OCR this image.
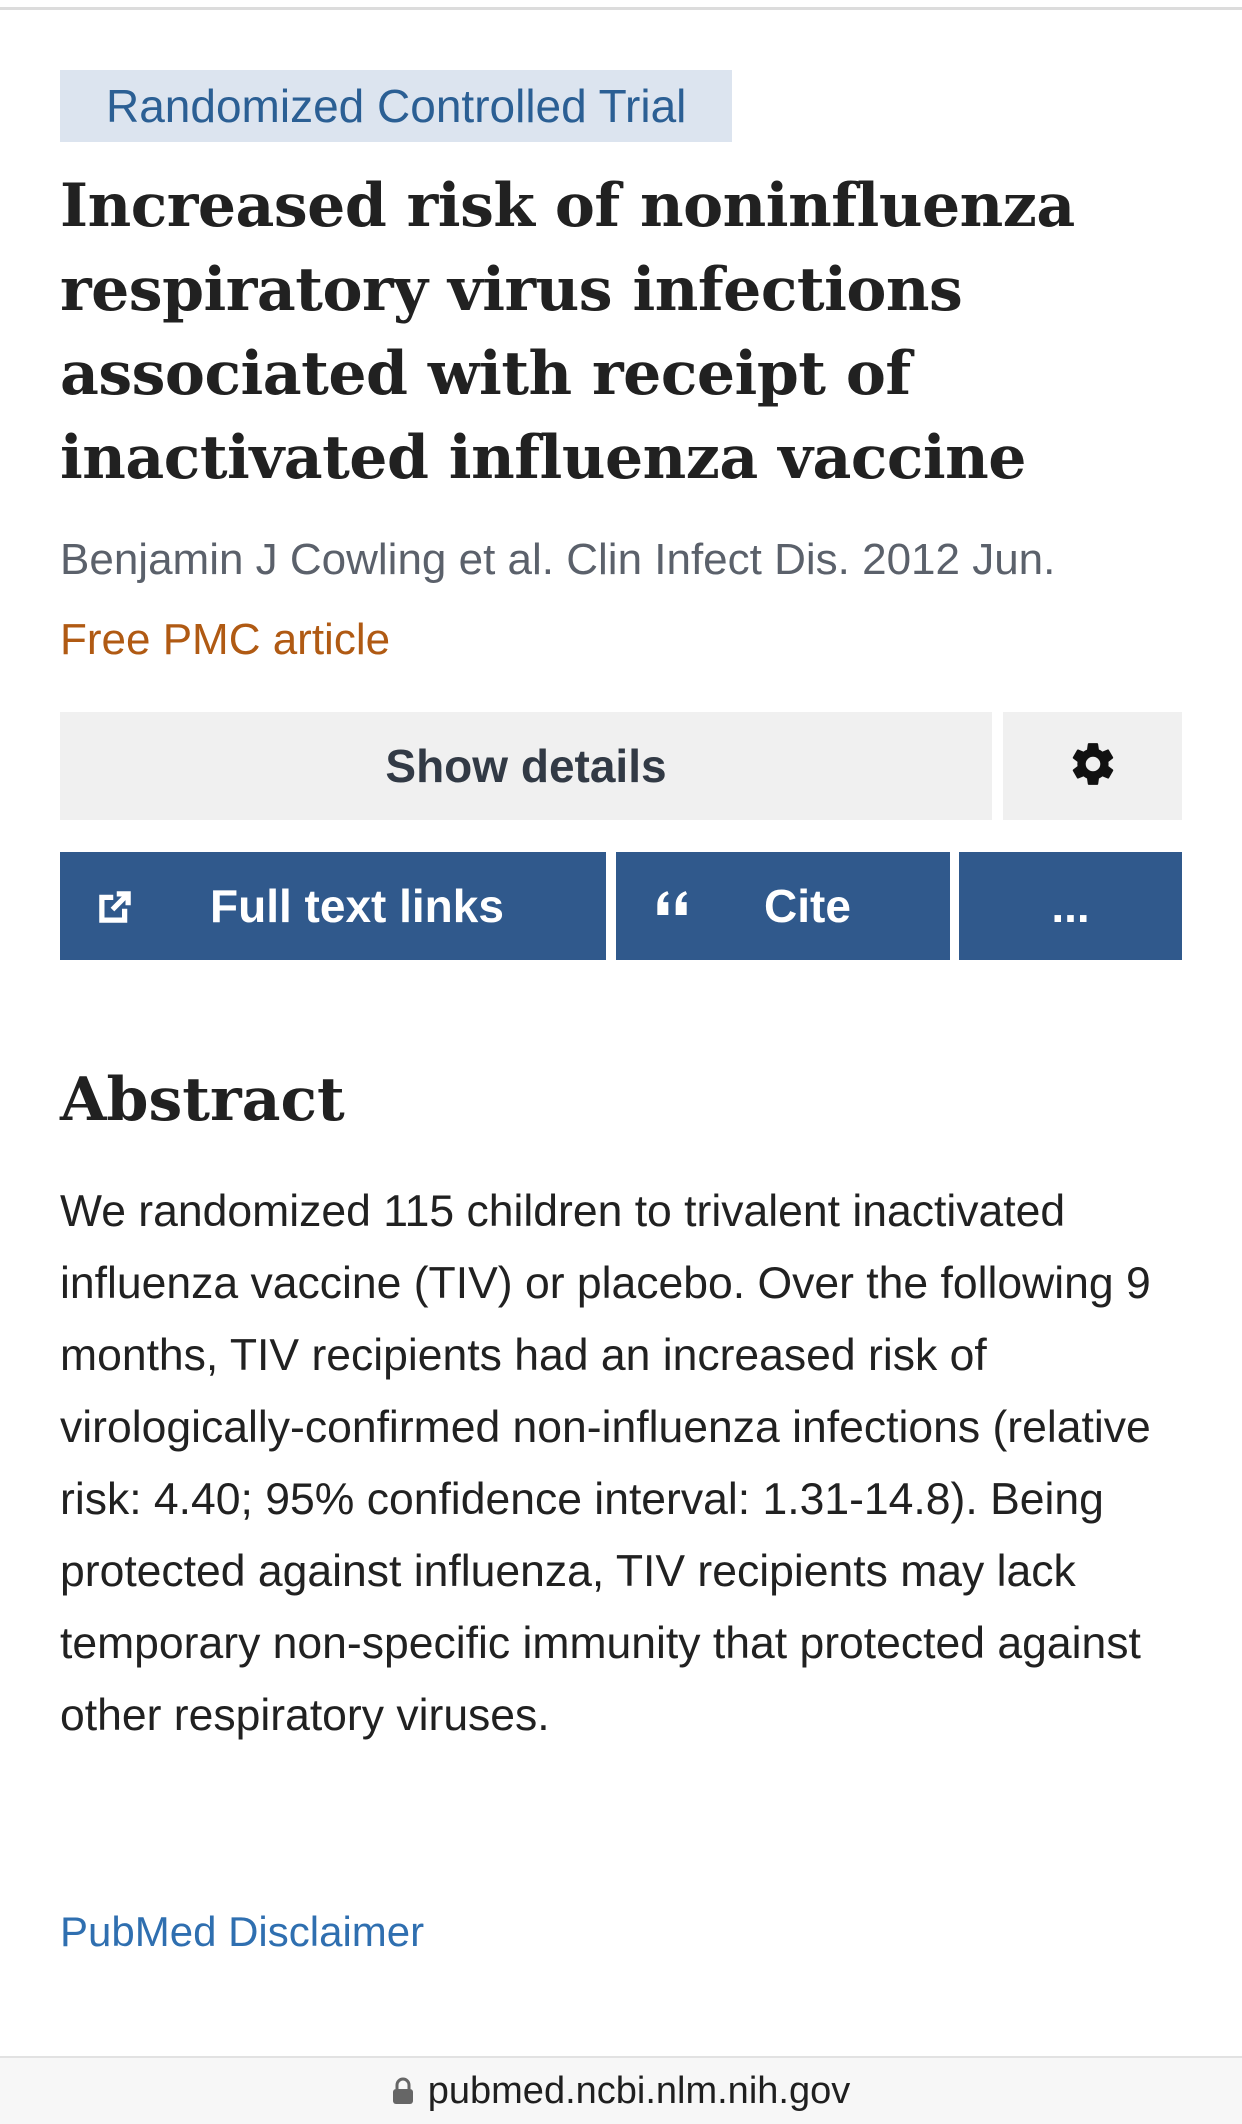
Randomized Controlled Trial
Increased risk of noninfluenza respiratory virus infections associated with receipt of inactivated influenza vaccine
Benjamin J Cowling et al. Clin Infect Dis. 2012 Jun.
Free PMC article
Show details
Full text links	Cite	...
Abstract

We randomized 115 children to trivalent inactivated influenza vaccine (TIV) or placebo. Over the following 9 months, TIV recipients had an increased risk of virologically-confirmed non-influenza infections (relative risk: 4.40; 95% confidence interval: 1.31-14.8). Being protected against influenza, TIV recipients may lack temporary non-specific immunity that protected against other respiratory viruses.

PubMed Disclaimer
pubmed.ncbi.nlm.nih.gov
